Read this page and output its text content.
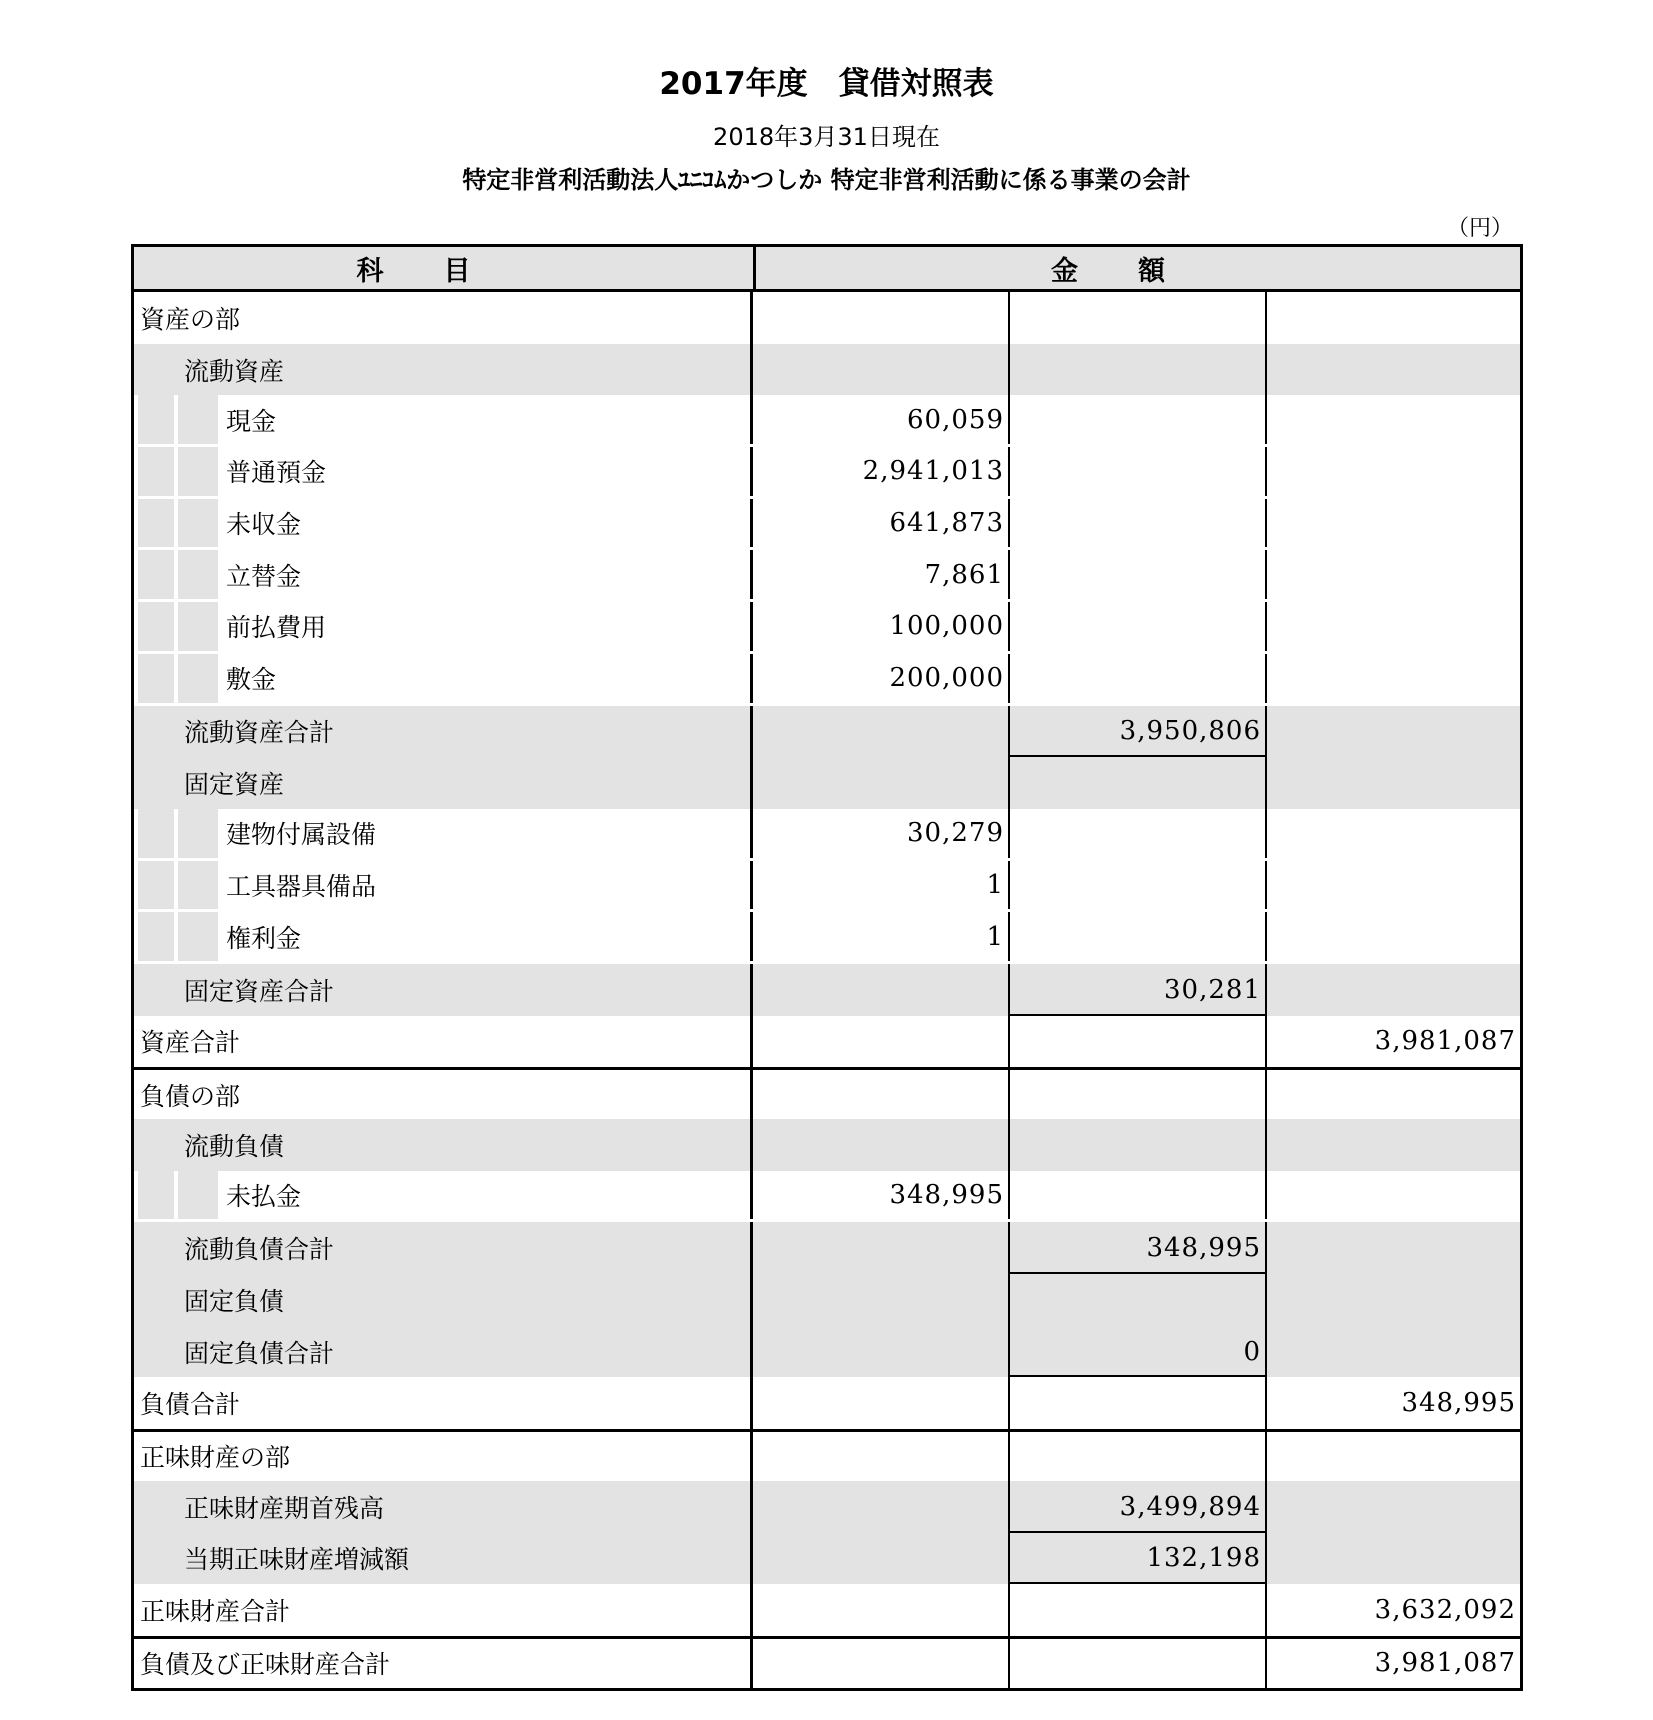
2017年度　貸借対照表
2018年3月31日現在
特定非営利活動法人ﾕﾆｺﾑかつしか 特定非営利活動に係る事業の会計
（円）
科目	金額
資産の部
流動資産
現金	60,059
普通預金	2,941,013
未収金	641,873
立替金	7,861
前払費用	100,000
敷金	200,000
流動資産合計	3,950,806
固定資産
建物付属設備	30,279
工具器具備品	1
権利金	1
固定資産合計	30,281
資産合計	3,981,087
負債の部
流動負債
未払金	348,995
流動負債合計	348,995
固定負債
固定負債合計	0
負債合計	348,995
正味財産の部
正味財産期首残高	3,499,894
当期正味財産増減額	132,198
正味財産合計	3,632,092
負債及び正味財産合計	3,981,087
